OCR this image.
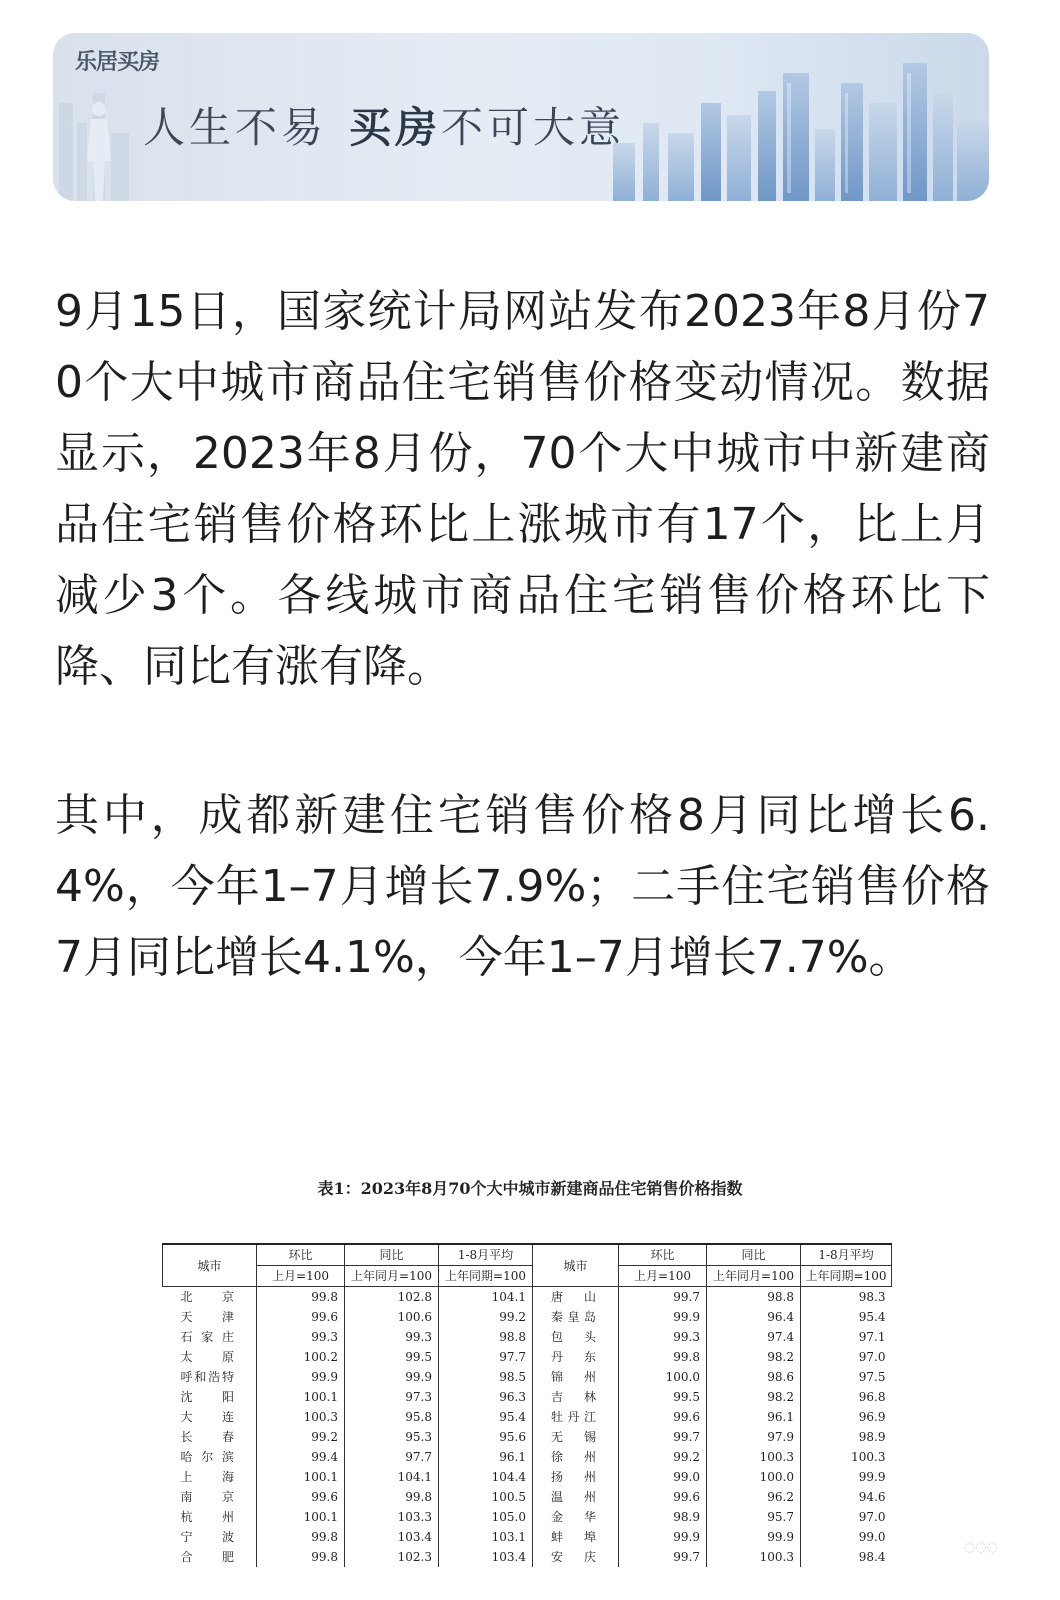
乐居买房
人生不易 买房不可大意
9月15日，国家统计局网站发布2023年8月份70个大中城市商品住宅销售价格变动情况。数据显示，2023年8月份，70个大中城市中新建商品住宅销售价格环比上涨城市有17个，比上月减少3个。各线城市商品住宅销售价格环比下降、同比有涨有降。
其中，成都新建住宅销售价格8月同比增长6.4%，今年1–7月增长7.9%；二手住宅销售价格7月同比增长4.1%，今年1–7月增长7.7%。
表1：2023年8月70个大中城市新建商品住宅销售价格指数
城市	环比	同比	1-8月平均	城市	环比	同比	1-8月平均
	上月=100	上年同月=100	上年同期=100		上月=100	上年同月=100	上年同期=100
北京	99.8	102.8	104.1	唐山	99.7	98.8	98.3
天津	99.6	100.6	99.2	秦皇岛	99.9	96.4	95.4
石家庄	99.3	99.3	98.8	包头	99.3	97.4	97.1
太原	100.2	99.5	97.7	丹东	99.8	98.2	97.0
呼和浩特	99.9	99.9	98.5	锦州	100.0	98.6	97.5
沈阳	100.1	97.3	96.3	吉林	99.5	98.2	96.8
大连	100.3	95.8	95.4	牡丹江	99.6	96.1	96.9
长春	99.2	95.3	95.6	无锡	99.7	97.9	98.9
哈尔滨	99.4	97.7	96.1	徐州	99.2	100.3	100.3
上海	100.1	104.1	104.4	扬州	99.0	100.0	99.9
南京	99.6	99.8	100.5	温州	99.6	96.2	94.6
杭州	100.1	103.3	105.0	金华	98.9	95.7	97.0
宁波	99.8	103.4	103.1	蚌埠	99.9	99.9	99.0
合肥	99.8	102.3	103.4	安庆	99.7	100.3	98.4
◌◌◌
